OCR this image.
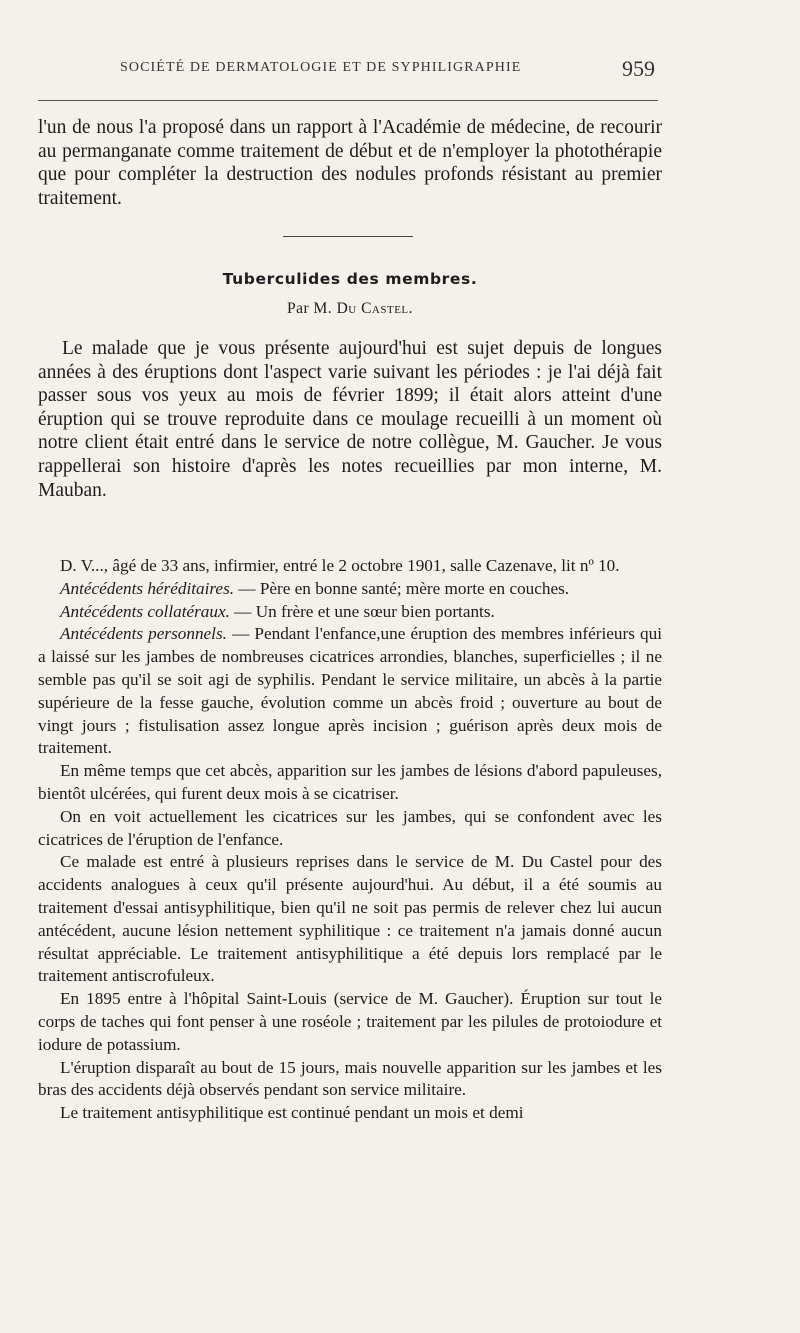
SOCIÉTÉ DE DERMATOLOGIE ET DE SYPHILIGRAPHIE	959

l'un de nous l'a proposé dans un rapport à l'Académie de médecine, de recourir au permanganate comme traitement de début et de n'employer la photothérapie que pour compléter la destruction des nodules profonds résistant au premier traitement.

Tuberculides des membres.
Par M. Du Castel.

Le malade que je vous présente aujourd'hui est sujet depuis de longues années à des éruptions dont l'aspect varie suivant les périodes : je l'ai déjà fait passer sous vos yeux au mois de février 1899; il était alors atteint d'une éruption qui se trouve reproduite dans ce moulage recueilli à un moment où notre client était entré dans le service de notre collègue, M. Gaucher. Je vous rappellerai son histoire d'après les notes recueillies par mon interne, M. Mauban.

D. V..., âgé de 33 ans, infirmier, entré le 2 octobre 1901, salle Cazenave, lit nº 10.

Antécédents héréditaires. — Père en bonne santé; mère morte en couches.

Antécédents collatéraux. — Un frère et une sœur bien portants.

Antécédents personnels. — Pendant l'enfance,une éruption des membres inférieurs qui a laissé sur les jambes de nombreuses cicatrices arrondies, blanches, superficielles ; il ne semble pas qu'il se soit agi de syphilis. Pendant le service militaire, un abcès à la partie supérieure de la fesse gauche, évolution comme un abcès froid ; ouverture au bout de vingt jours ; fistulisation assez longue après incision ; guérison après deux mois de traitement.

En même temps que cet abcès, apparition sur les jambes de lésions d'abord papuleuses, bientôt ulcérées, qui furent deux mois à se cicatriser.

On en voit actuellement les cicatrices sur les jambes, qui se confondent avec les cicatrices de l'éruption de l'enfance.

Ce malade est entré à plusieurs reprises dans le service de M. Du Castel pour des accidents analogues à ceux qu'il présente aujourd'hui. Au début, il a été soumis au traitement d'essai antisyphilitique, bien qu'il ne soit pas permis de relever chez lui aucun antécédent, aucune lésion nettement syphilitique : ce traitement n'a jamais donné aucun résultat appréciable. Le traitement antisyphilitique a été depuis lors remplacé par le traitement antiscrofuleux.

En 1895 entre à l'hôpital Saint-Louis (service de M. Gaucher). Éruption sur tout le corps de taches qui font penser à une roséole ; traitement par les pilules de protoiodure et iodure de potassium.

L'éruption disparaît au bout de 15 jours, mais nouvelle apparition sur les jambes et les bras des accidents déjà observés pendant son service militaire.

Le traitement antisyphilitique est continué pendant un mois et demi
